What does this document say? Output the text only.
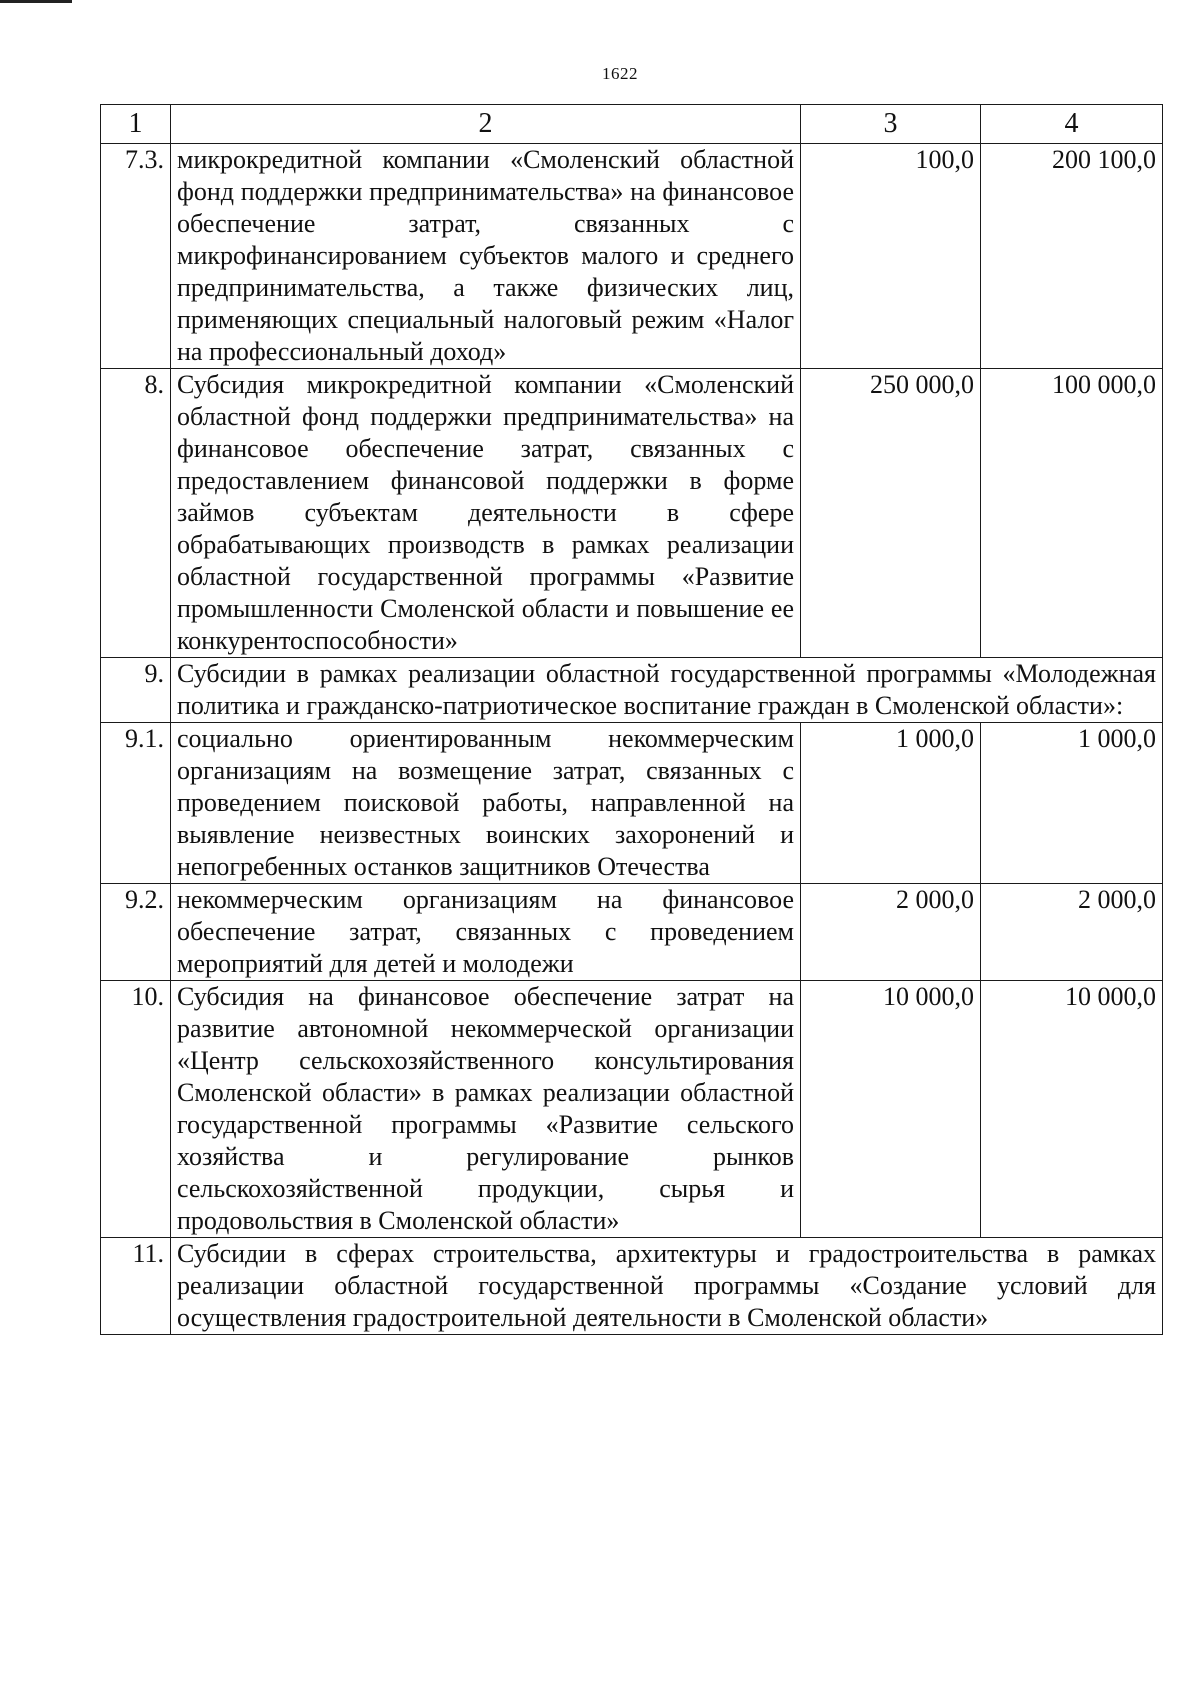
1622
1	2	3	4
7.3.	микрокредитной компании «Смоленский областной фонд поддержки предпринимательства» на финансовое обеспечение затрат, связанных с микрофинансированием субъектов малого и среднего предпринимательства, а также физических лиц, применяющих специальный налоговый режим «Налог на профессиональный доход»	100,0	200 100,0
8.	Субсидия микрокредитной компании «Смоленский областной фонд поддержки предпринимательства» на финансовое обеспечение затрат, связанных с предоставлением финансовой поддержки в форме займов субъектам деятельности в сфере обрабатывающих производств в рамках реализации областной государственной программы «Развитие промышленности Смоленской области и повышение ее конкурентоспособности»	250 000,0	100 000,0
9.	Субсидии в рамках реализации областной государственной программы «Молодежная политика и гражданско-патриотическое воспитание граждан в Смоленской области»:		
9.1.	социально ориентированным некоммерческим организациям на возмещение затрат, связанных с проведением поисковой работы, направленной на выявление неизвестных воинских захоронений и непогребенных останков защитников Отечества	1 000,0	1 000,0
9.2.	некоммерческим организациям на финансовое обеспечение затрат, связанных с проведением мероприятий для детей и молодежи	2 000,0	2 000,0
10.	Субсидия на финансовое обеспечение затрат на развитие автономной некоммерческой организации «Центр сельскохозяйственного консультирования Смоленской области» в рамках реализации областной государственной программы «Развитие сельского хозяйства и регулирование рынков сельскохозяйственной продукции, сырья и продовольствия в Смоленской области»	10 000,0	10 000,0
11.	Субсидии в сферах строительства, архитектуры и градостроительства в рамках реализации областной государственной программы «Создание условий для осуществления градостроительной деятельности в Смоленской области»		
